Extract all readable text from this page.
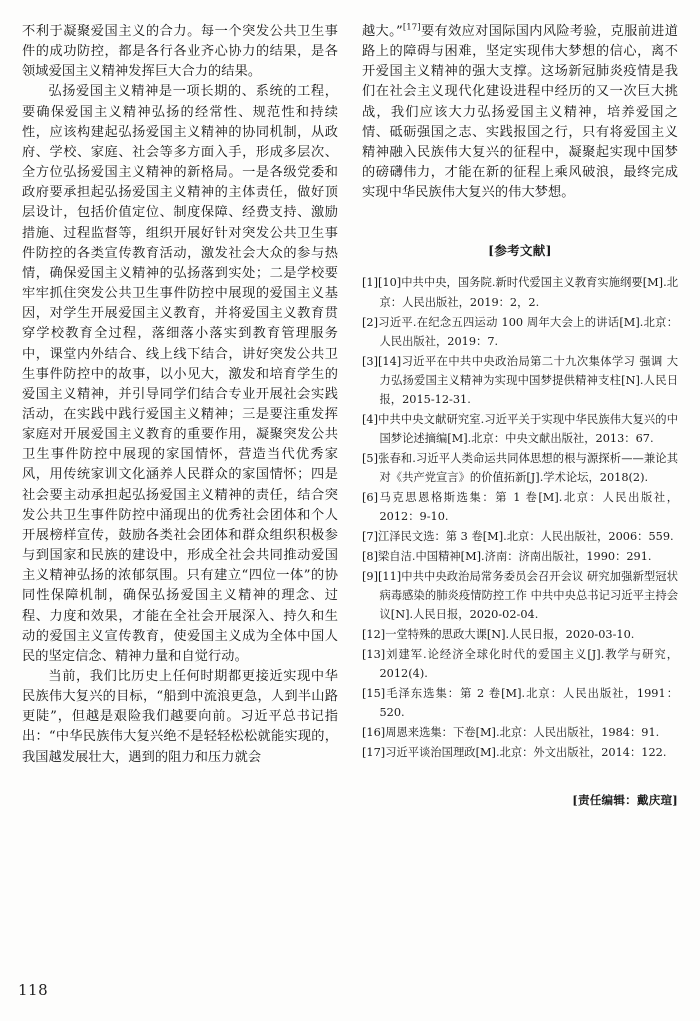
不利于凝聚爱国主义的合力。每一个突发公共卫生事件的成功防控，都是各行各业齐心协力的结果，是各领域爱国主义精神发挥巨大合力的结果。

弘扬爱国主义精神是一项长期的、系统的工程，要确保爱国主义精神弘扬的经常性、规范性和持续性，应该构建起弘扬爱国主义精神的协同机制，从政府、学校、家庭、社会等多方面入手，形成多层次、全方位弘扬爱国主义精神的新格局。一是各级党委和政府要承担起弘扬爱国主义精神的主体责任，做好顶层设计，包括价值定位、制度保障、经费支持、激励措施、过程监督等，组织开展好针对突发公共卫生事件防控的各类宣传教育活动，激发社会大众的参与热情，确保爱国主义精神的弘扬落到实处；二是学校要牢牢抓住突发公共卫生事件防控中展现的爱国主义基因，对学生开展爱国主义教育，并将爱国主义教育贯穿学校教育全过程，落细落小落实到教育管理服务中，课堂内外结合、线上线下结合，讲好突发公共卫生事件防控中的故事，以小见大，激发和培育学生的爱国主义精神，并引导同学们结合专业开展社会实践活动，在实践中践行爱国主义精神；三是要注重发挥家庭对开展爱国主义教育的重要作用，凝聚突发公共卫生事件防控中展现的家国情怀，营造当代优秀家风，用传统家训文化涵养人民群众的家国情怀；四是社会要主动承担起弘扬爱国主义精神的责任，结合突发公共卫生事件防控中涌现出的优秀社会团体和个人开展榜样宣传，鼓励各类社会团体和群众组织积极参与到国家和民族的建设中，形成全社会共同推动爱国主义精神弘扬的浓郁氛围。只有建立“四位一体”的协同性保障机制，确保弘扬爱国主义精神的理念、过程、力度和效果，才能在全社会开展深入、持久和生动的爱国主义宣传教育，使爱国主义成为全体中国人民的坚定信念、精神力量和自觉行动。

当前，我们比历史上任何时期都更接近实现中华民族伟大复兴的目标，“船到中流浪更急，人到半山路更陡”，但越是艰险我们越要向前。习近平总书记指出：“中华民族伟大复兴绝不是轻轻松松就能实现的，我国越发展壮大，遇到的阻力和压力就会

越大。”[17]要有效应对国际国内风险考验，克服前进道路上的障碍与困难，坚定实现伟大梦想的信心，离不开爱国主义精神的强大支撑。这场新冠肺炎疫情是我们在社会主义现代化建设进程中经历的又一次巨大挑战，我们应该大力弘扬爱国主义精神，培养爱国之情、砥砺强国之志、实践报国之行，只有将爱国主义精神融入民族伟大复兴的征程中，凝聚起实现中国梦的磅礴伟力，才能在新的征程上乘风破浪，最终完成实现中华民族伟大复兴的伟大梦想。

[参考文献]

[1][10]中共中央，国务院.新时代爱国主义教育实施纲要[M].北京：人民出版社，2019：2，2.
[2]习近平.在纪念五四运动 100 周年大会上的讲话[M].北京：人民出版社，2019：7.
[3][14]习近平在中共中央政治局第二十九次集体学习 强调 大力弘扬爱国主义精神为实现中国梦提供精神支柱[N].人民日报，2015-12-31.
[4]中共中央文献研究室.习近平关于实现中华民族伟大复兴的中国梦论述摘编[M].北京：中央文献出版社，2013：67.
[5]张春和.习近平人类命运共同体思想的根与源探析——兼论其对《共产党宣言》的价值拓新[J].学术论坛，2018(2).
[6]马克思恩格斯选集：第 1 卷[M].北京：人民出版社，2012：9-10.
[7]江泽民文选：第 3 卷[M].北京：人民出版社，2006：559.
[8]梁自洁.中国精神[M].济南：济南出版社，1990：291.
[9][11]中共中央政治局常务委员会召开会议 研究加强新型冠状病毒感染的肺炎疫情防控工作 中共中央总书记习近平主持会议[N].人民日报，2020-02-04.
[12]一堂特殊的思政大课[N].人民日报，2020-03-10.
[13]刘建军.论经济全球化时代的爱国主义[J].教学与研究，2012(4).
[15]毛泽东选集：第 2 卷[M].北京：人民出版社，1991：520.
[16]周恩来选集：下卷[M].北京：人民出版社，1984：91.
[17]习近平谈治国理政[M].北京：外文出版社，2014：122.
[责任编辑：戴庆瑄]
118
